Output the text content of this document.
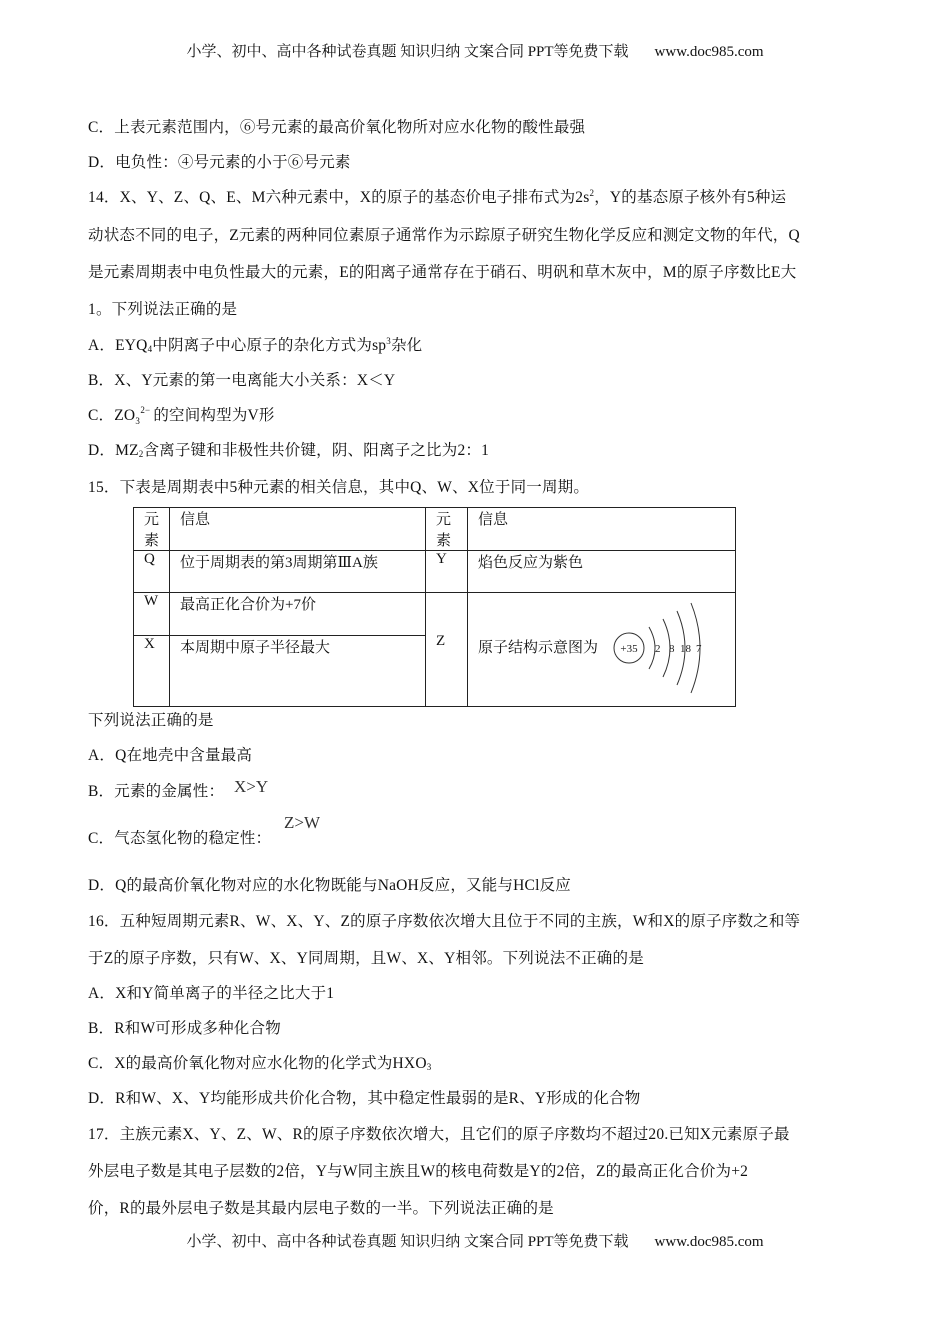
小学、初中、高中各种试卷真题 知识归纳 文案合同 PPT等免费下载 www.doc985.com
C．上表元素范围内，⑥号元素的最高价氧化物所对应水化物的酸性最强
D．电负性：④号元素的小于⑥号元素
14．X、Y、Z、Q、E、M六种元素中，X的原子的基态价电子排布式为$2s^2$，Y的基态原子核外有5种运
动状态不同的电子，Z元素的两种同位素原子通常作为示踪原子研究生物化学反应和测定文物的年代，Q
是元素周期表中电负性最大的元素，E的阳离子通常存在于硝石、明矾和草木灰中，M的原子序数比E大
1。下列说法正确的是
A．$EYQ_4$中阴离子中心原子的杂化方式为$sp^3$杂化
B．X、Y元素的第一电离能大小关系：X＜Y
C．ZO 3
2− 的空间构型为V形
D．$MZ_2$含离子键和非极性共价键，阴、阳离子之比为2：1
15．下表是周期表中5种元素的相关信息，其中Q、W、X位于同一周期。
元素	信息	元素	信息
Q	位于周期表的第3周期第ⅢA族	Y	焰色反应为紫色
W	最高正化合价为+7价	Z	原子结构示意图为 +35 2 8 18 7

X	本周期中原子半径最大		
下列说法正确的是
A．Q在地壳中含量最高
B．元素的金属性： X>Y
C．气态氢化物的稳定性：
Z>W
D．Q的最高价氧化物对应的水化物既能与NaOH反应，又能与HCl反应
16．五种短周期元素R、W、X、Y、Z的原子序数依次增大且位于不同的主族，W和X的原子序数之和等
于Z的原子序数，只有W、X、Y同周期，且W、X、Y相邻。下列说法不正确的是
A．X和Y简单离子的半径之比大于1
B．R和W可形成多种化合物
C．X的最高价氧化物对应水化物的化学式为$HXO_3$
D．R和W、X、Y均能形成共价化合物，其中稳定性最弱的是R、Y形成的化合物
17．主族元素X、Y、Z、W、R的原子序数依次增大，且它们的原子序数均不超过20.已知X元素原子最
外层电子数是其电子层数的2倍，Y与W同主族且W的核电荷数是Y的2倍，Z的最高正化合价为+2
价，R的最外层电子数是其最内层电子数的一半。下列说法正确的是
小学、初中、高中各种试卷真题 知识归纳 文案合同 PPT等免费下载 www.doc985.com
